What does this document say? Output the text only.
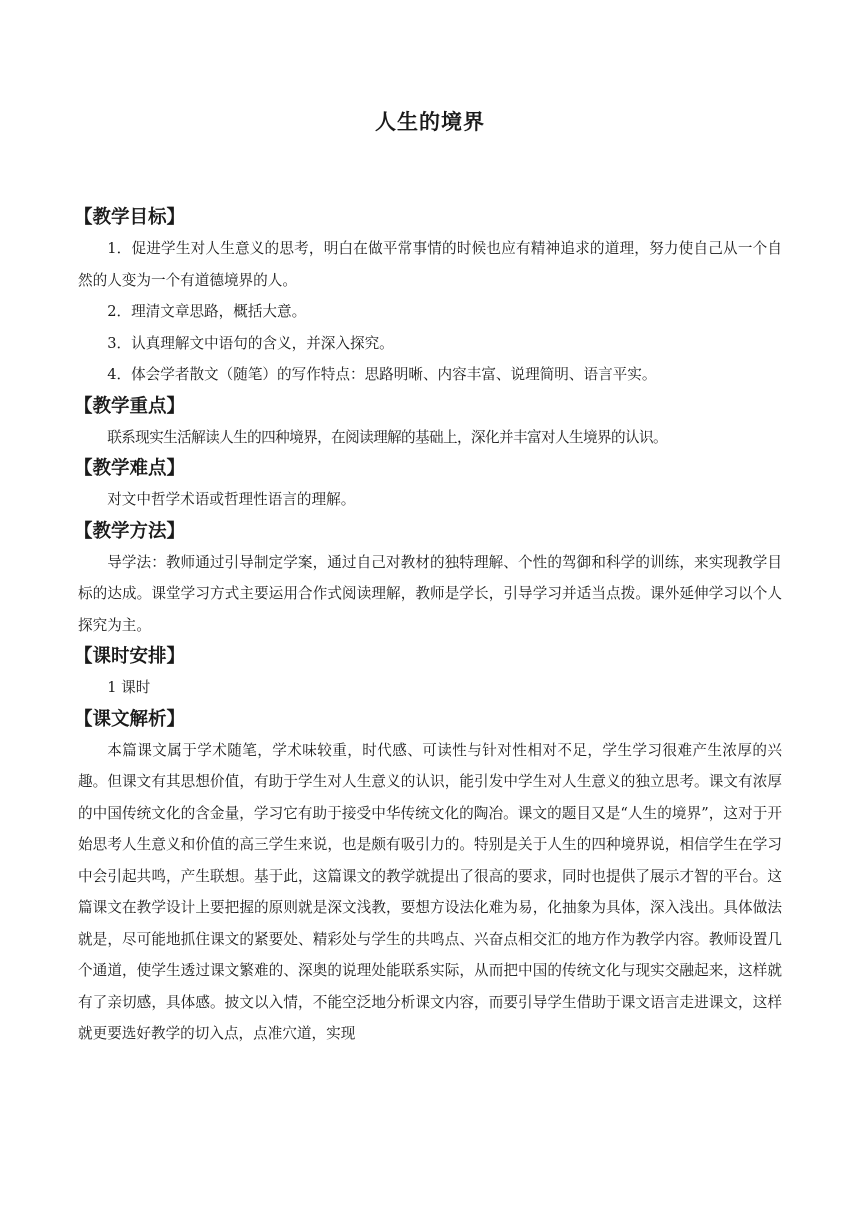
人生的境界
【教学目标】

1．促进学生对人生意义的思考，明白在做平常事情的时候也应有精神追求的道理，努力使自己从一个自然的人变为一个有道德境界的人。

2．理清文章思路，概括大意。

3．认真理解文中语句的含义，并深入探究。

4．体会学者散文（随笔）的写作特点：思路明晰、内容丰富、说理简明、语言平实。

【教学重点】

联系现实生活解读人生的四种境界，在阅读理解的基础上，深化并丰富对人生境界的认识。

【教学难点】

对文中哲学术语或哲理性语言的理解。

【教学方法】

导学法：教师通过引导制定学案，通过自己对教材的独特理解、个性的驾御和科学的训练，来实现教学目标的达成。课堂学习方式主要运用合作式阅读理解，教师是学长，引导学习并适当点拨。课外延伸学习以个人探究为主。

【课时安排】

1 课时

【课文解析】

本篇课文属于学术随笔，学术味较重，时代感、可读性与针对性相对不足，学生学习很难产生浓厚的兴趣。但课文有其思想价值，有助于学生对人生意义的认识，能引发中学生对人生意义的独立思考。课文有浓厚的中国传统文化的含金量，学习它有助于接受中华传统文化的陶冶。课文的题目又是“人生的境界”，这对于开始思考人生意义和价值的高三学生来说，也是颇有吸引力的。特别是关于人生的四种境界说，相信学生在学习中会引起共鸣，产生联想。基于此，这篇课文的教学就提出了很高的要求，同时也提供了展示才智的平台。这篇课文在教学设计上要把握的原则就是深文浅教，要想方设法化难为易，化抽象为具体，深入浅出。具体做法就是，尽可能地抓住课文的紧要处、精彩处与学生的共鸣点、兴奋点相交汇的地方作为教学内容。教师设置几个通道，使学生透过课文繁难的、深奥的说理处能联系实际，从而把中国的传统文化与现实交融起来，这样就有了亲切感，具体感。披文以入情，不能空泛地分析课文内容，而要引导学生借助于课文语言走进课文，这样就更要选好教学的切入点，点准穴道，实现
